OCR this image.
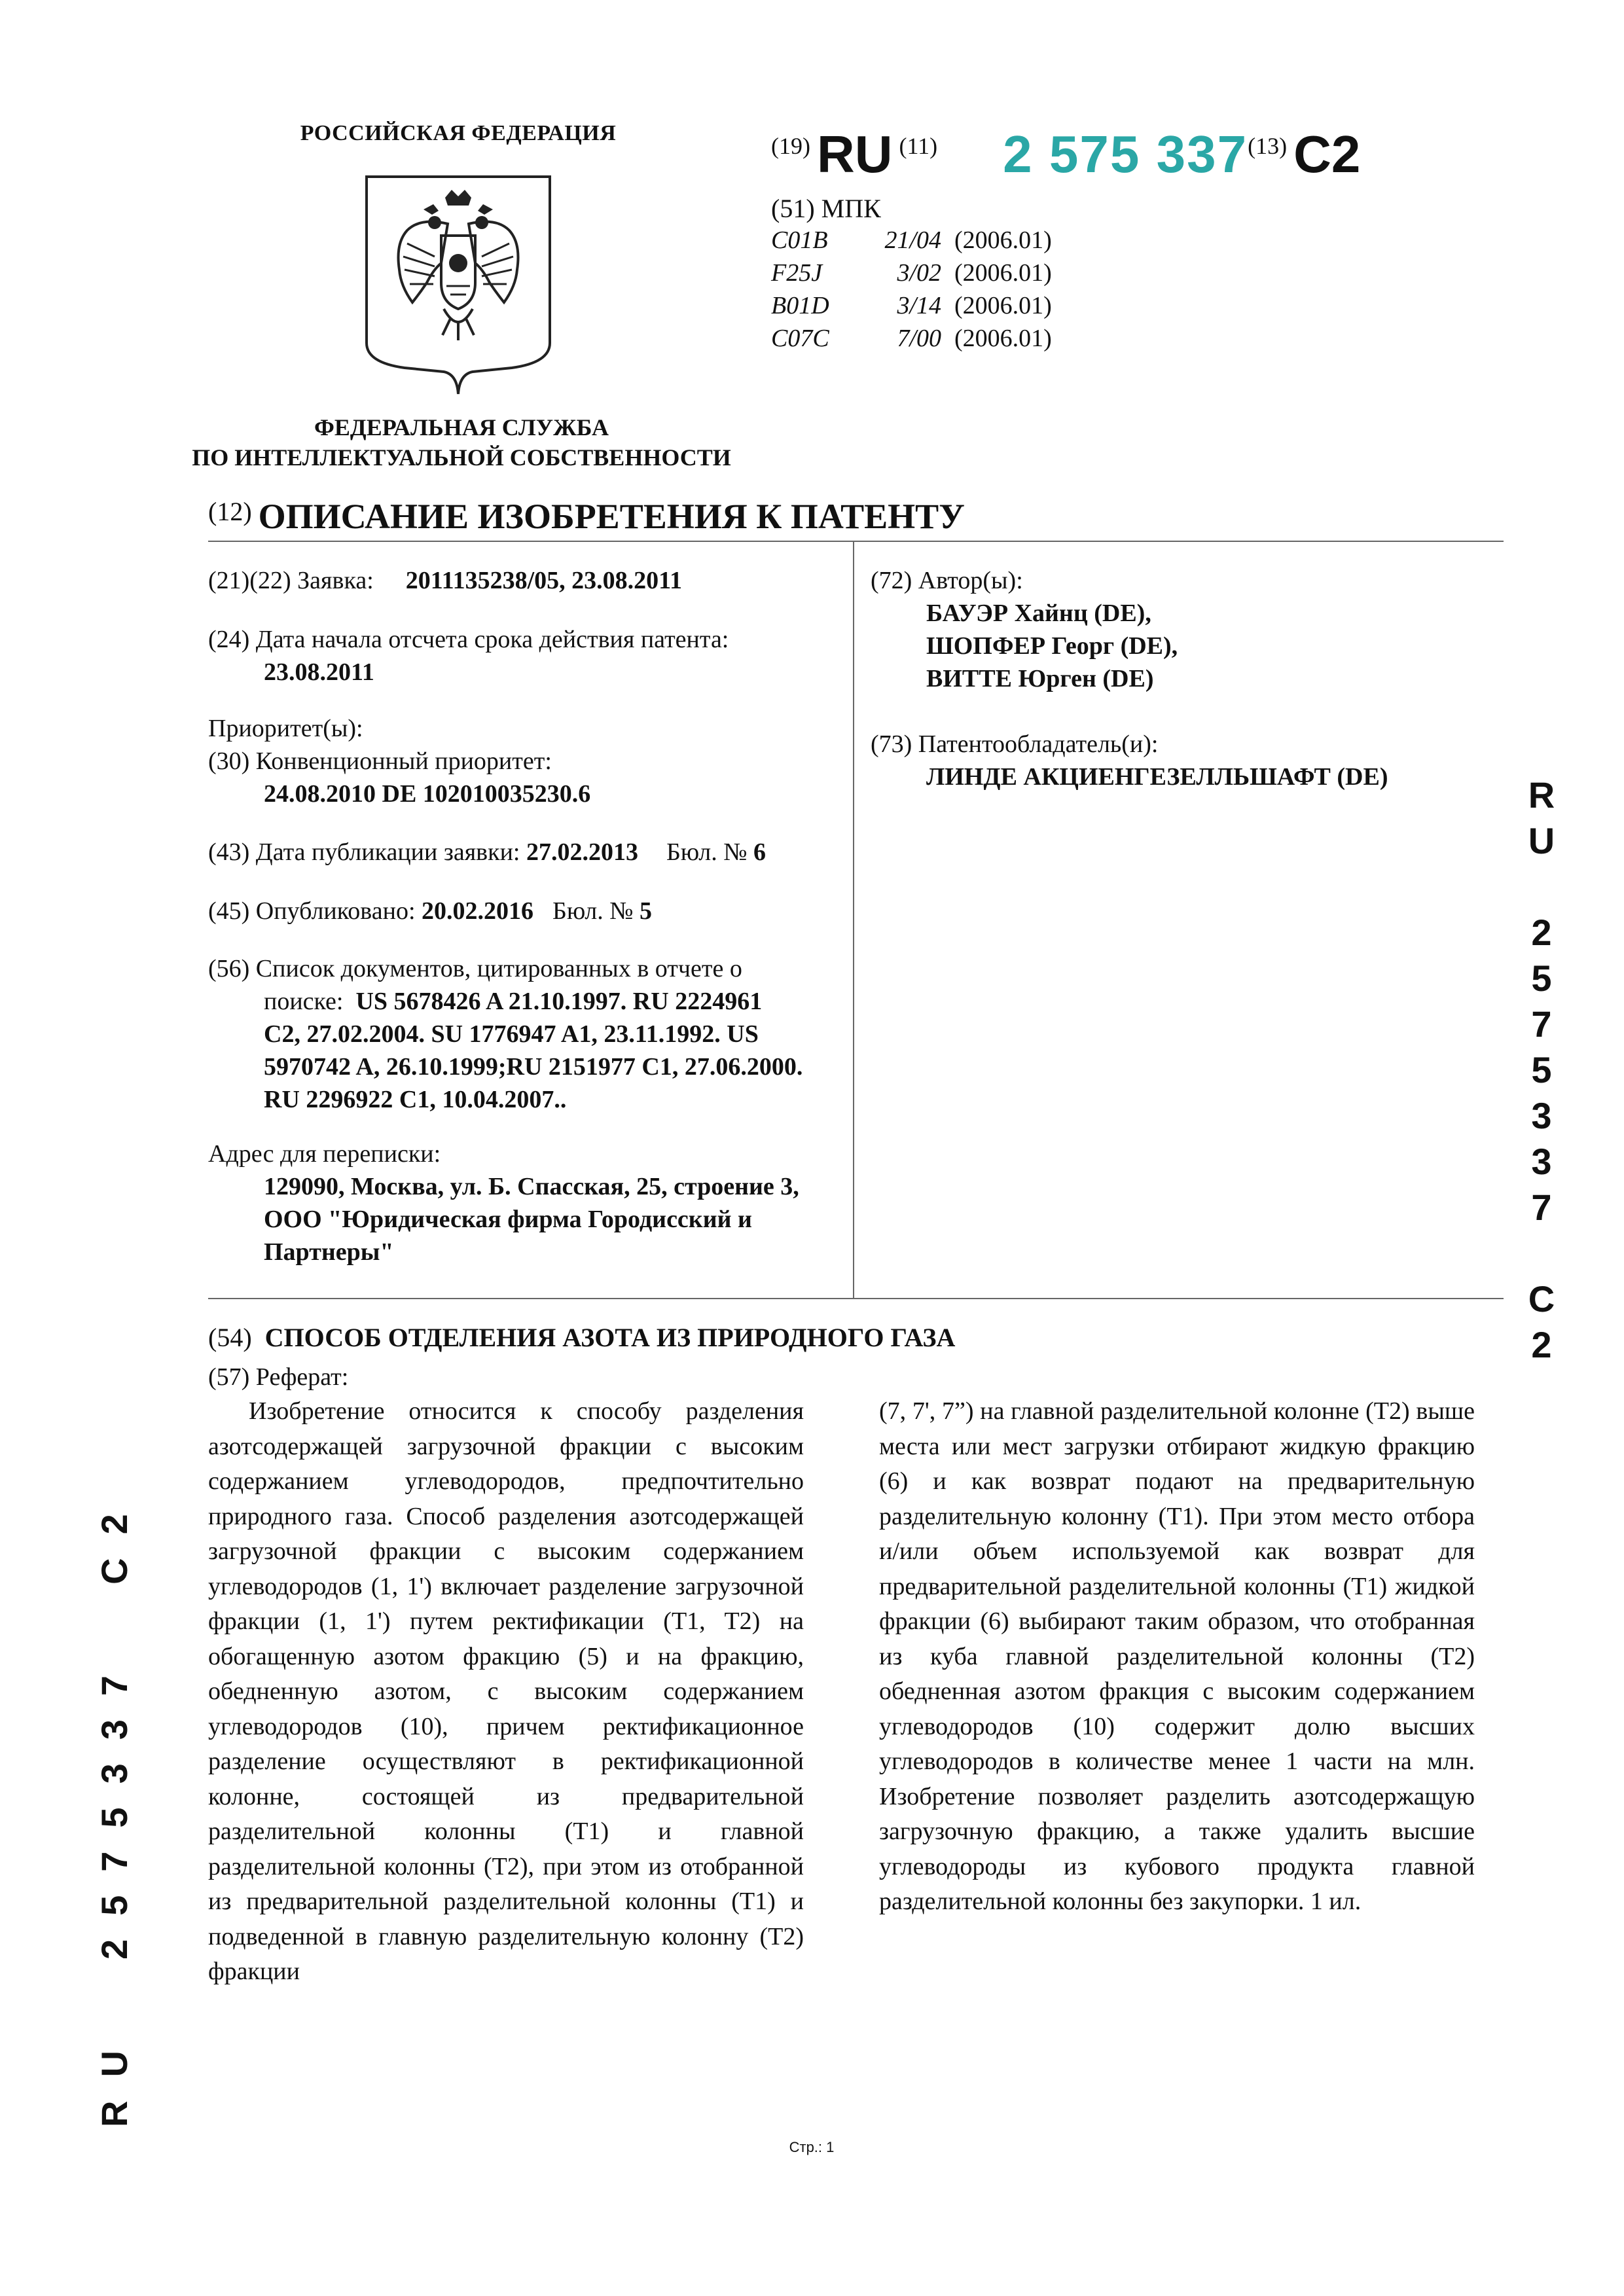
РОССИЙСКАЯ ФЕДЕРАЦИЯ
ФЕДЕРАЛЬНАЯ СЛУЖБА
ПО ИНТЕЛЛЕКТУАЛЬНОЙ СОБСТВЕННОСТИ
(19) RU (11) 2 575 337(13) C2
(51) МПК
C01B 21/04 (2006.01)
F25J	3/02 (2006.01)
B01D	3/14 (2006.01)
C07C	7/00 (2006.01)
$^{(12)}$ ОПИСАНИЕ ИЗОБРЕТЕНИЯ К ПАТЕНТУ
(21)(22) Заявка: 2011135238/05, 23.08.2011
(24) Дата начала отсчета срока действия патента:
23.08.2011
Приоритет(ы):
(30) Конвенционный приоритет:
24.08.2010 DE 102010035230.6
(43) Дата публикации заявки: 27.02.2013 Бюл. № 6
(45) Опубликовано: 20.02.2016 Бюл. № 5
(56) Список документов, цитированных в отчете о
поиске: US 5678426 A 21.10.1997. RU 2224961
C2, 27.02.2004. SU 1776947 A1, 23.11.1992. US
5970742 A, 26.10.1999;RU 2151977 C1, 27.06.2000.
RU 2296922 C1, 10.04.2007..
Адрес для переписки:
129090, Москва, ул. Б. Спасская, 25, строение 3,
ООО "Юридическая фирма Городисский и
Партнеры"
(72) Автор(ы):
БАУЭР Хайнц (DE),
ШОПФЕР Георг (DE),
ВИТТЕ Юрген (DE)
(73) Патентообладатель(и):
ЛИНДЕ АКЦИЕНГЕЗЕЛЛЬШАФТ (DE)	R
U
2
5
7
5
3
3
7
C
2
RU  2575337  C2
(54) СПОСОБ ОТДЕЛЕНИЯ АЗОТА ИЗ ПРИРОДНОГО ГАЗА
(57) Реферат:

Изобретение относится к способу разделения азотсодержащей загрузочной фракции с высоким содержанием углеводородов, предпочтительно природного газа. Способ разделения азотсодержащей загрузочной фракции с высоким содержанием углеводородов (1, 1') включает разделение загрузочной фракции (1, 1') путем ректификации (T1, T2) на обогащенную азотом фракцию (5) и на фракцию, обедненную азотом, с высоким содержанием углеводородов (10), причем ректификационное разделение осуществляют в ректификационной колонне, состоящей из предварительной разделительной колонны (T1) и главной разделительной колонны (T2), при этом из отобранной из предварительной разделительной колонны (T1) и подведенной в главную разделительную колонну (T2) фракции

(7, 7', 7”) на главной разделительной колонне (T2) выше места или мест загрузки отбирают жидкую фракцию (6) и как возврат подают на предварительную разделительную колонну (T1). При этом место отбора и/или объем используемой как возврат для предварительной разделительной колонны (T1) жидкой фракции (6) выбирают таким образом, что отобранная из куба главной разделительной колонны (T2) обедненная азотом фракция с высоким содержанием углеводородов (10) содержит долю высших углеводородов в количестве менее 1 части на млн. Изобретение позволяет разделить азотсодержащую загрузочную фракцию, а также удалить высшие углеводороды из кубового продукта главной разделительной колонны без закупорки. 1 ил.

Стр.: 1
